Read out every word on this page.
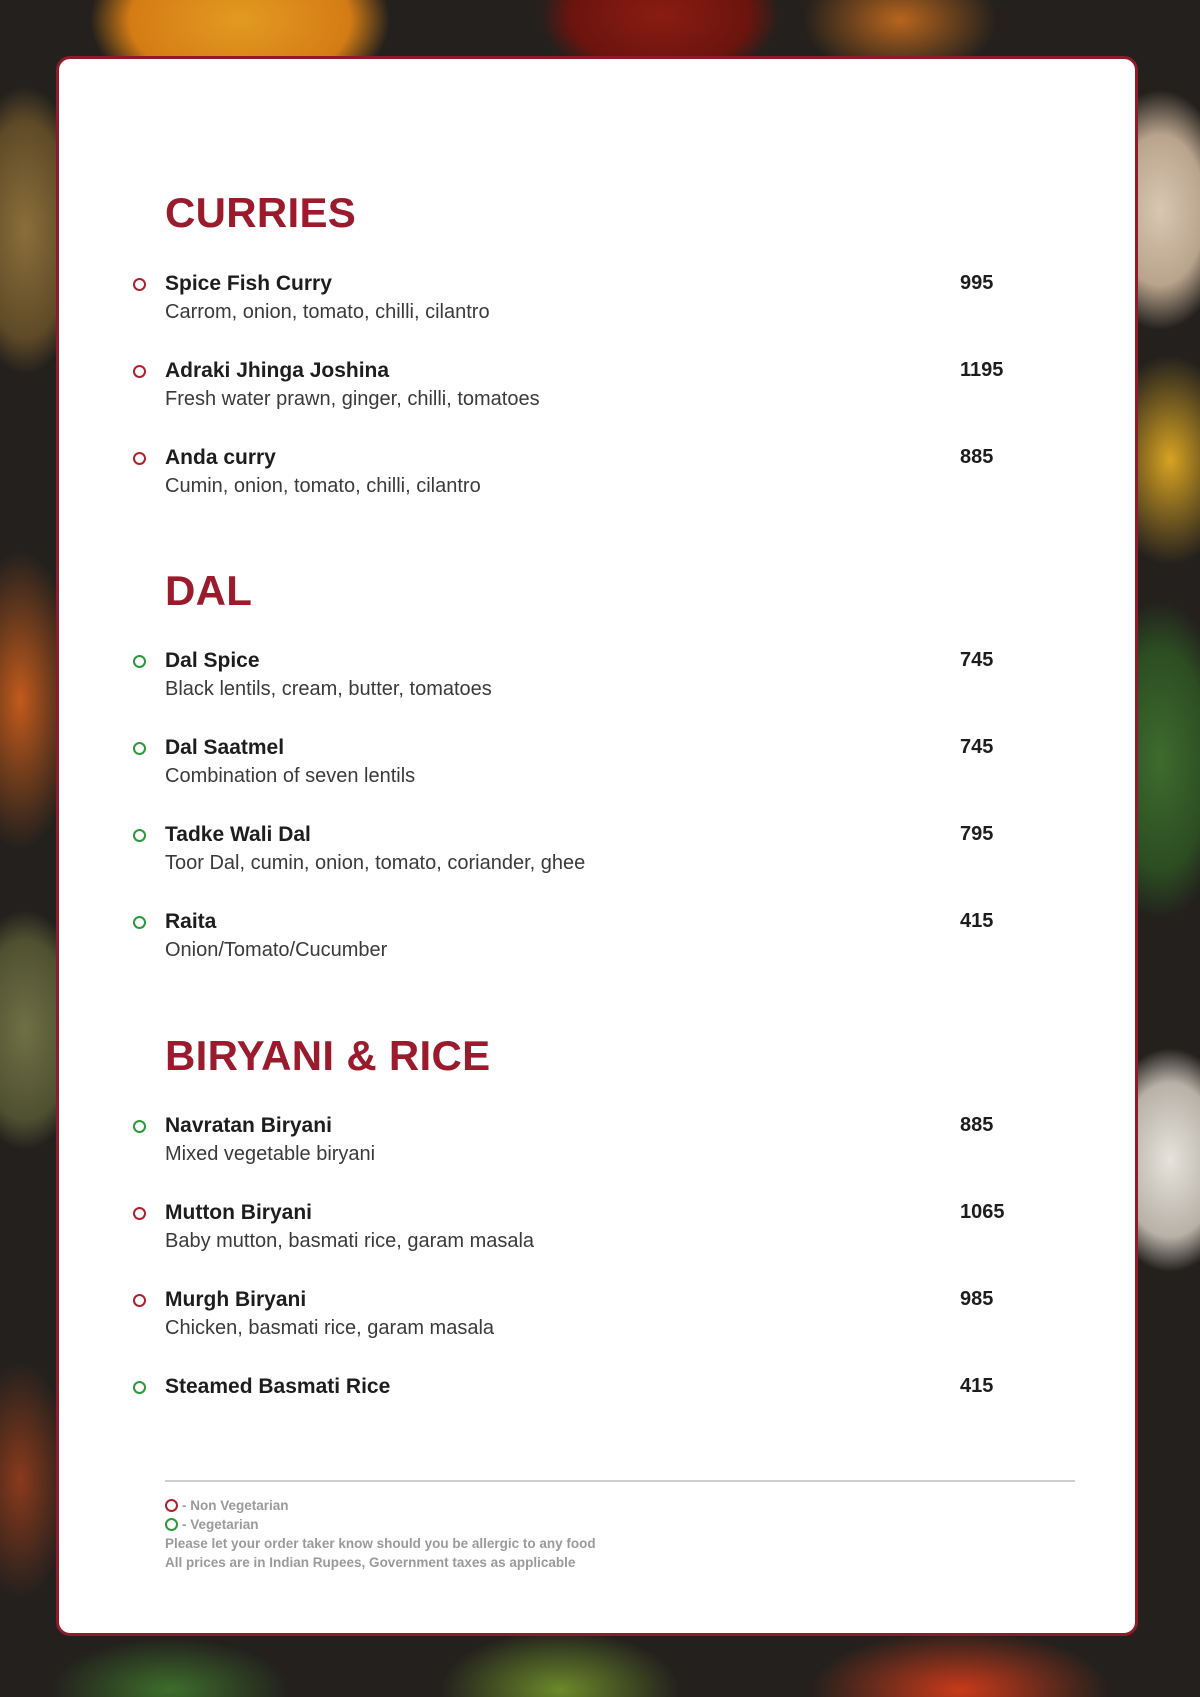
CURRIES
Spice Fish Curry
Carrom, onion, tomato, chilli, cilantro
995
Adraki Jhinga Joshina
Fresh water prawn, ginger, chilli, tomatoes
1195
Anda curry
Cumin, onion, tomato, chilli, cilantro
885
DAL
Dal Spice
Black lentils, cream, butter, tomatoes
745
Dal Saatmel
Combination of seven lentils
745
Tadke Wali Dal
Toor Dal, cumin, onion, tomato, coriander, ghee
795
Raita
Onion/Tomato/Cucumber
415
BIRYANI & RICE
Navratan Biryani
Mixed vegetable biryani
885
Mutton Biryani
Baby mutton, basmati rice, garam masala
1065
Murgh Biryani
Chicken, basmati rice, garam masala
985
Steamed Basmati Rice	415
- Non Vegetarian
- Vegetarian
Please let your order taker know should you be allergic to any food
All prices are in Indian Rupees, Government taxes as applicable
